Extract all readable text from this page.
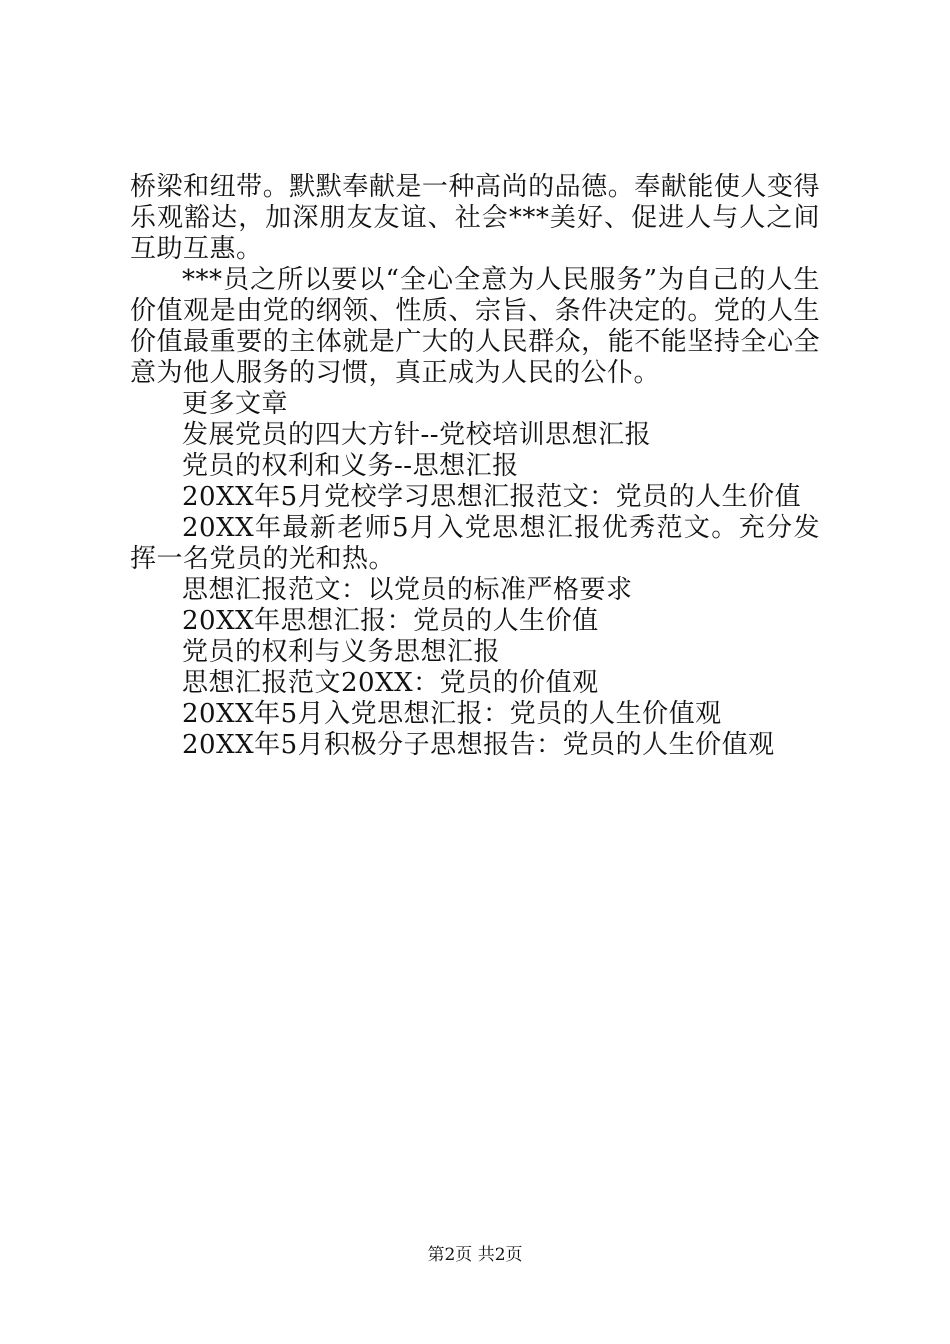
桥梁和纽带。默默奉献是一种高尚的品德。奉献能使人变得乐观豁达，加深朋友友谊、社会***美好、促进人与人之间互助互惠。

***员之所以要以“全心全意为人民服务”为自己的人生价值观是由党的纲领、性质、宗旨、条件决定的。党的人生价值最重要的主体就是广大的人民群众，能不能坚持全心全意为他人服务的习惯，真正成为人民的公仆。

更多文章

发展党员的四大方针--党校培训思想汇报

党员的权利和义务--思想汇报

20XX年5月党校学习思想汇报范文：党员的人生价值

20XX年最新老师5月入党思想汇报优秀范文。充分发挥一名党员的光和热。

思想汇报范文：以党员的标准严格要求

20XX年思想汇报：党员的人生价值

党员的权利与义务思想汇报

思想汇报范文20XX：党员的价值观

20XX年5月入党思想汇报：党员的人生价值观

20XX年5月积极分子思想报告：党员的人生价值观

第2页 共2页
